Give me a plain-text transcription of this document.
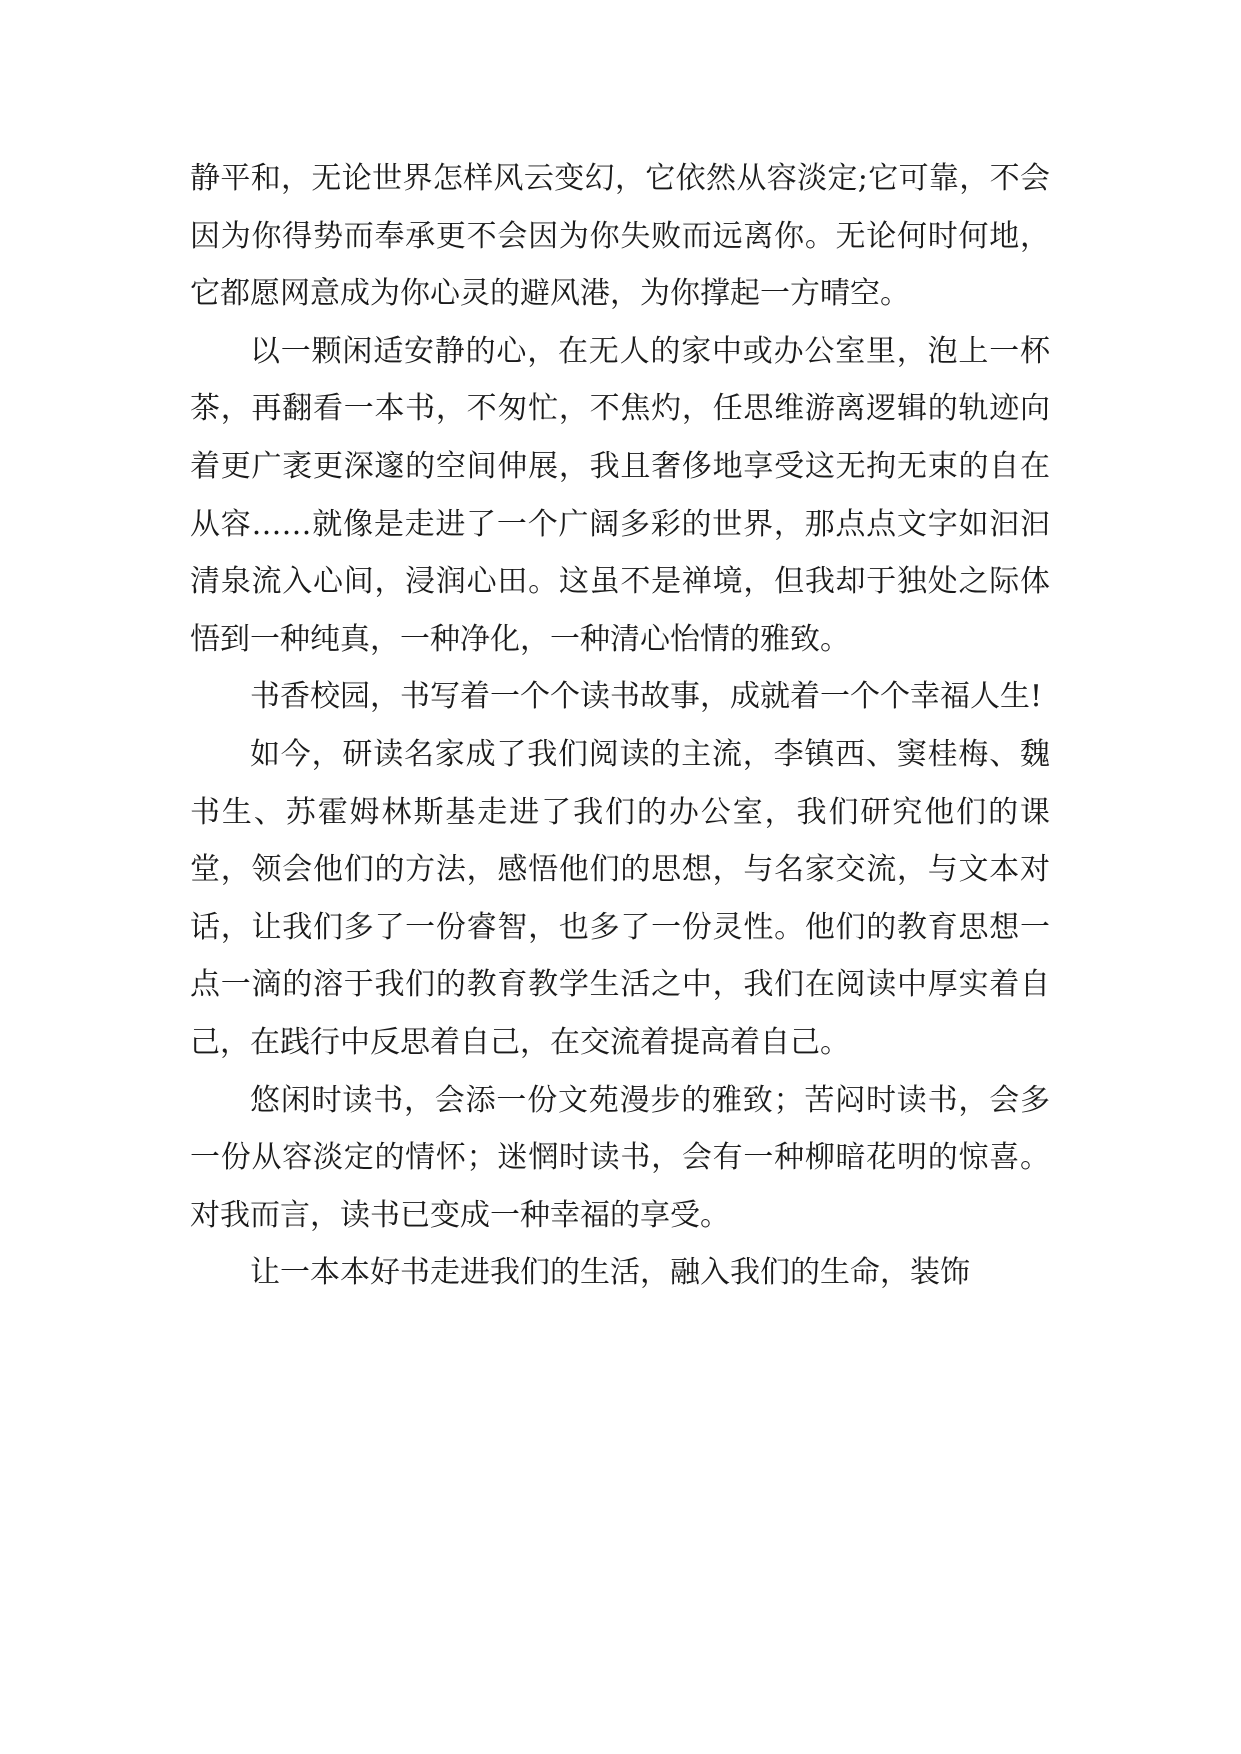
静平和，无论世界怎样风云变幻，它依然从容淡定;它可靠，不会因为你得势而奉承更不会因为你失败而远离你。无论何时何地，它都愿网意成为你心灵的避风港，为你撑起一方晴空。

以一颗闲适安静的心，在无人的家中或办公室里，泡上一杯茶，再翻看一本书，不匆忙，不焦灼，任思维游离逻辑的轨迹向着更广袤更深邃的空间伸展，我且奢侈地享受这无拘无束的自在从容……就像是走进了一个广阔多彩的世界，那点点文字如汩汩清泉流入心间，浸润心田。这虽不是禅境，但我却于独处之际体悟到一种纯真，一种净化，一种清心怡情的雅致。

书香校园，书写着一个个读书故事，成就着一个个幸福人生!

如今，研读名家成了我们阅读的主流，李镇西、窦桂梅、魏书生、苏霍姆林斯基走进了我们的办公室，我们研究他们的课堂，领会他们的方法，感悟他们的思想，与名家交流，与文本对话，让我们多了一份睿智，也多了一份灵性。他们的教育思想一点一滴的溶于我们的教育教学生活之中，我们在阅读中厚实着自己，在践行中反思着自己，在交流着提高着自己。

悠闲时读书，会添一份文苑漫步的雅致；苦闷时读书，会多一份从容淡定的情怀；迷惘时读书，会有一种柳暗花明的惊喜。对我而言，读书已变成一种幸福的享受。

让一本本好书走进我们的生活，融入我们的生命，装饰
